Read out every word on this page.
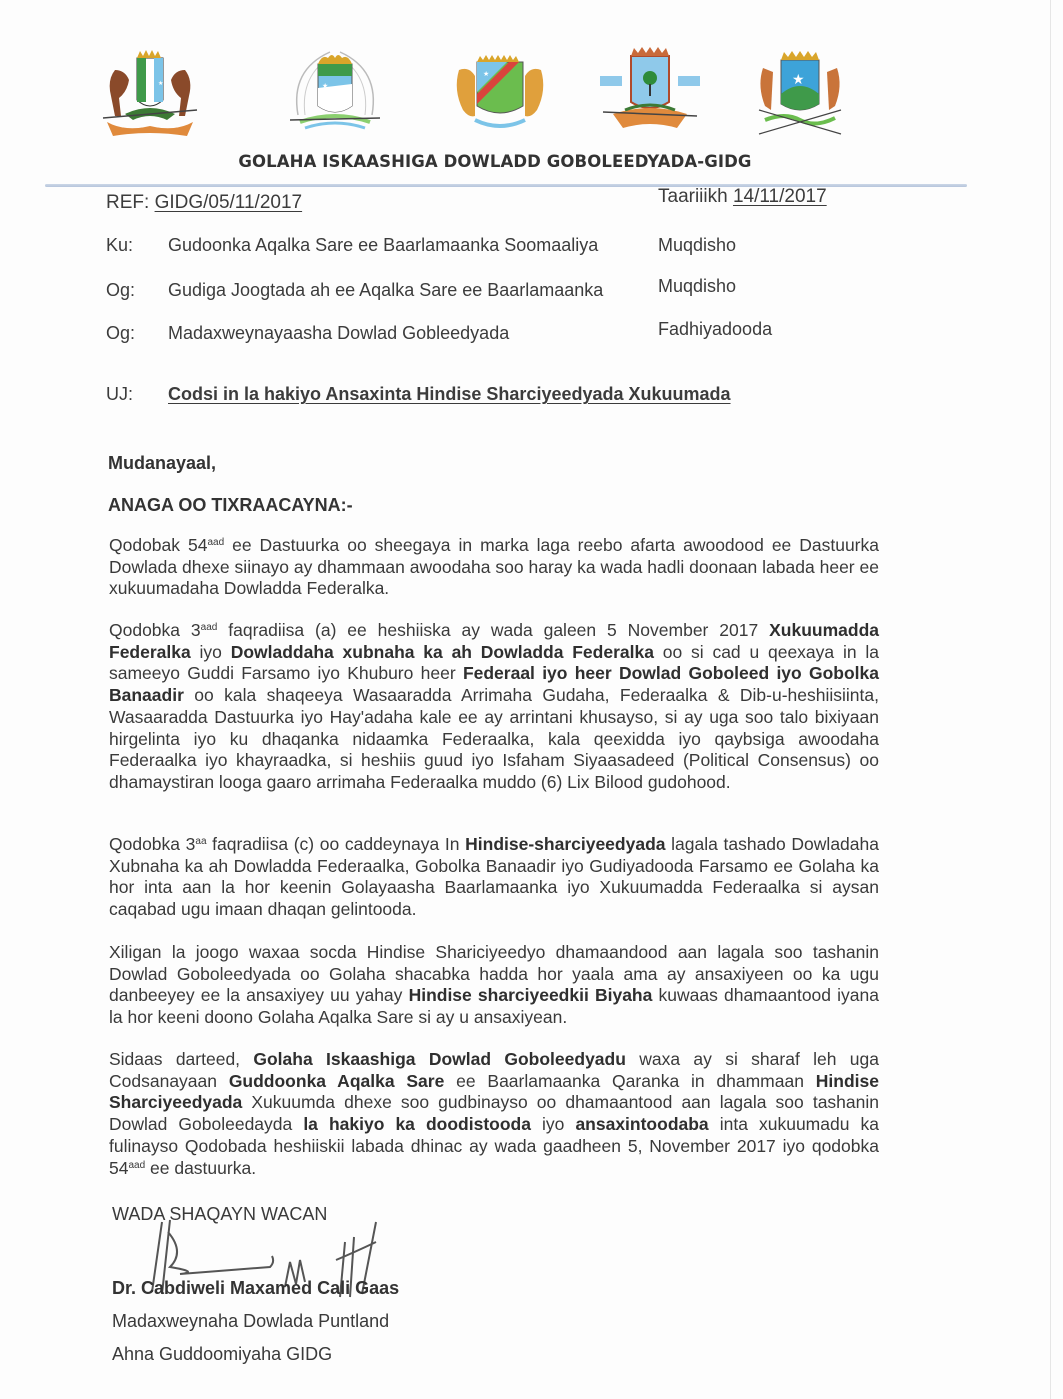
★	★
★	★
GOLAHA ISKAASHIGA DOWLADD GOBOLEEDYADA-GIDG
REF: GIDG/05/11/2017	Taariiikh 14/11/2017
Ku:	Gudoonka Aqalka Sare ee Baarlamaanka Soomaaliya	Muqdisho
Og:	Gudiga Joogtada ah ee Aqalka Sare ee Baarlamaanka	Muqdisho
Og:	Madaxweynayaasha Dowlad Gobleedyada	Fadhiyadooda
UJ: Codsi in la hakiyo Ansaxinta Hindise Sharciyeedyada Xukuumada
Mudanayaal,
ANAGA OO TIXRAACAYNA:-
Qodobak $54^{aad}$ ee Dastuurka oo sheegaya in marka laga reebo afarta awoodood ee Dastuurka Dowlada dhexe siinayo ay dhammaan awoodaha soo haray ka wada hadli doonaan labada heer ee xukuumadaha Dowladda Federalka.
Qodobka $3^{aad}$ faqradiisa (a) ee heshiiska ay wada galeen 5 November 2017 Xukuumadda Federalka iyo Dowladdaha xubnaha ka ah Dowladda Federalka oo si cad u qeexaya in la sameeyo Guddi Farsamo iyo Khuburo heer Federaal iyo heer Dowlad Goboleed iyo Gobolka Banaadir oo kala shaqeeya Wasaaradda Arrimaha Gudaha, Federaalka & Dib-u-heshiisiinta, Wasaaradda Dastuurka iyo Hay'adaha kale ee ay arrintani khusayso, si ay uga soo talo bixiyaan hirgelinta iyo ku dhaqanka nidaamka Federaalka, kala qeexidda iyo qaybsiga awoodaha Federaalka iyo khayraadka, si heshiis guud iyo Isfaham Siyaasadeed (Political Consensus) oo dhamaystiran looga gaaro arrimaha Federaalka muddo (6) Lix Bilood gudohood.
Qodobka $3^{aa}$ faqradiisa (c) oo caddeynaya In Hindise-sharciyeedyada lagala tashado Dowladaha Xubnaha ka ah Dowladda Federaalka, Gobolka Banaadir iyo Gudiyadooda Farsamo ee Golaha ka hor inta aan la hor keenin Golayaasha Baarlamaanka iyo Xukuumadda Federaalka si aysan caqabad ugu imaan dhaqan gelintooda.
Xiligan la joogo waxaa socda Hindise Shariciyeedyo dhamaandood aan lagala soo tashanin Dowlad Goboleedyada oo Golaha shacabka hadda hor yaala ama ay ansaxiyeen oo ka ugu danbeeyey ee la ansaxiyey uu yahay Hindise sharciyeedkii Biyaha kuwaas dhamaantood iyana la hor keeni doono Golaha Aqalka Sare si ay u ansaxiyean.
Sidaas darteed, Golaha Iskaashiga Dowlad Goboleedyadu waxa ay si sharaf leh uga Codsanayaan Guddoonka Aqalka Sare ee Baarlamaanka Qaranka in dhammaan Hindise Sharciyeedyada Xukuumda dhexe soo gudbinayso oo dhamaantood aan lagala soo tashanin Dowlad Goboleedayda la hakiyo ka doodistooda iyo ansaxintoodaba inta xukuumadu ka fulinayso Qodobada heshiiskii labada dhinac ay wada gaadheen 5, November 2017 iyo qodobka $54^{aad}$ ee dastuurka.
WADA SHAQAYN WACAN
Dr. Cabdiweli Maxamed Cali Gaas
Madaxweynaha Dowlada Puntland
Ahna Guddoomiyaha GIDG
